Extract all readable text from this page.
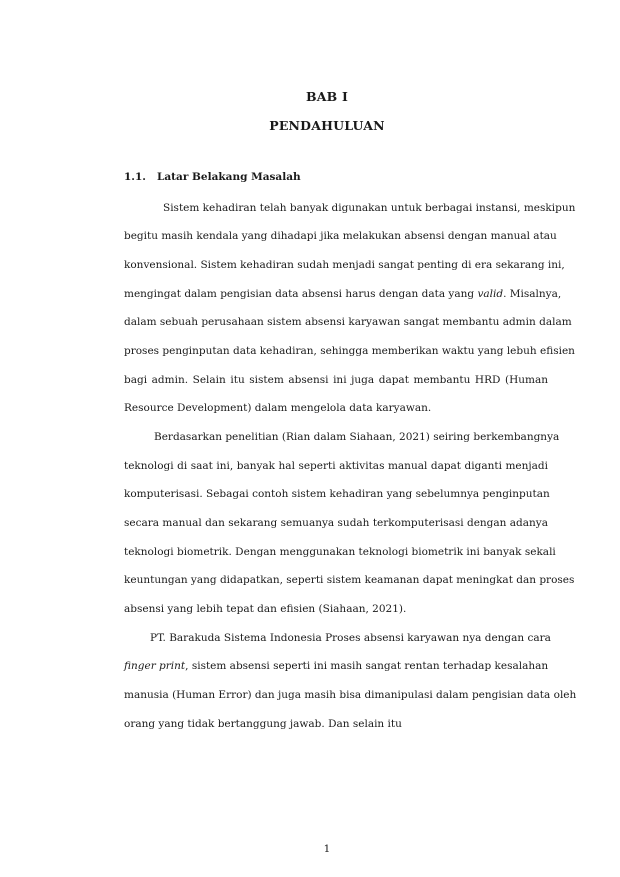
BAB I
PENDAHULUAN
1.1. Latar Belakang Masalah
Sistem kehadiran telah banyak digunakan untuk berbagai instansi, meskipun
begitu masih kendala yang dihadapi jika melakukan absensi dengan manual atau
konvensional. Sistem kehadiran sudah menjadi sangat penting di era sekarang ini,
mengingat dalam pengisian data absensi harus dengan data yang valid. Misalnya,
dalam sebuah perusahaan sistem absensi karyawan sangat membantu admin dalam
proses penginputan data kehadiran, sehingga memberikan waktu yang lebuh efisien
bagi admin. Selain itu sistem absensi ini juga dapat membantu HRD (Human
Resource Development) dalam mengelola data karyawan.
Berdasarkan penelitian (Rian dalam Siahaan, 2021) seiring berkembangnya
teknologi di saat ini, banyak hal seperti aktivitas manual dapat diganti menjadi
komputerisasi. Sebagai contoh sistem kehadiran yang sebelumnya penginputan
secara manual dan sekarang semuanya sudah terkomputerisasi dengan adanya
teknologi biometrik. Dengan menggunakan teknologi biometrik ini banyak sekali
keuntungan yang didapatkan, seperti sistem keamanan dapat meningkat dan proses
absensi yang lebih tepat dan efisien (Siahaan, 2021).
PT. Barakuda Sistema Indonesia Proses absensi karyawan nya dengan cara
finger print, sistem absensi seperti ini masih sangat rentan terhadap kesalahan
manusia (Human Error) dan juga masih bisa dimanipulasi dalam pengisian data oleh
orang yang tidak bertanggung jawab. Dan selain itu
1
